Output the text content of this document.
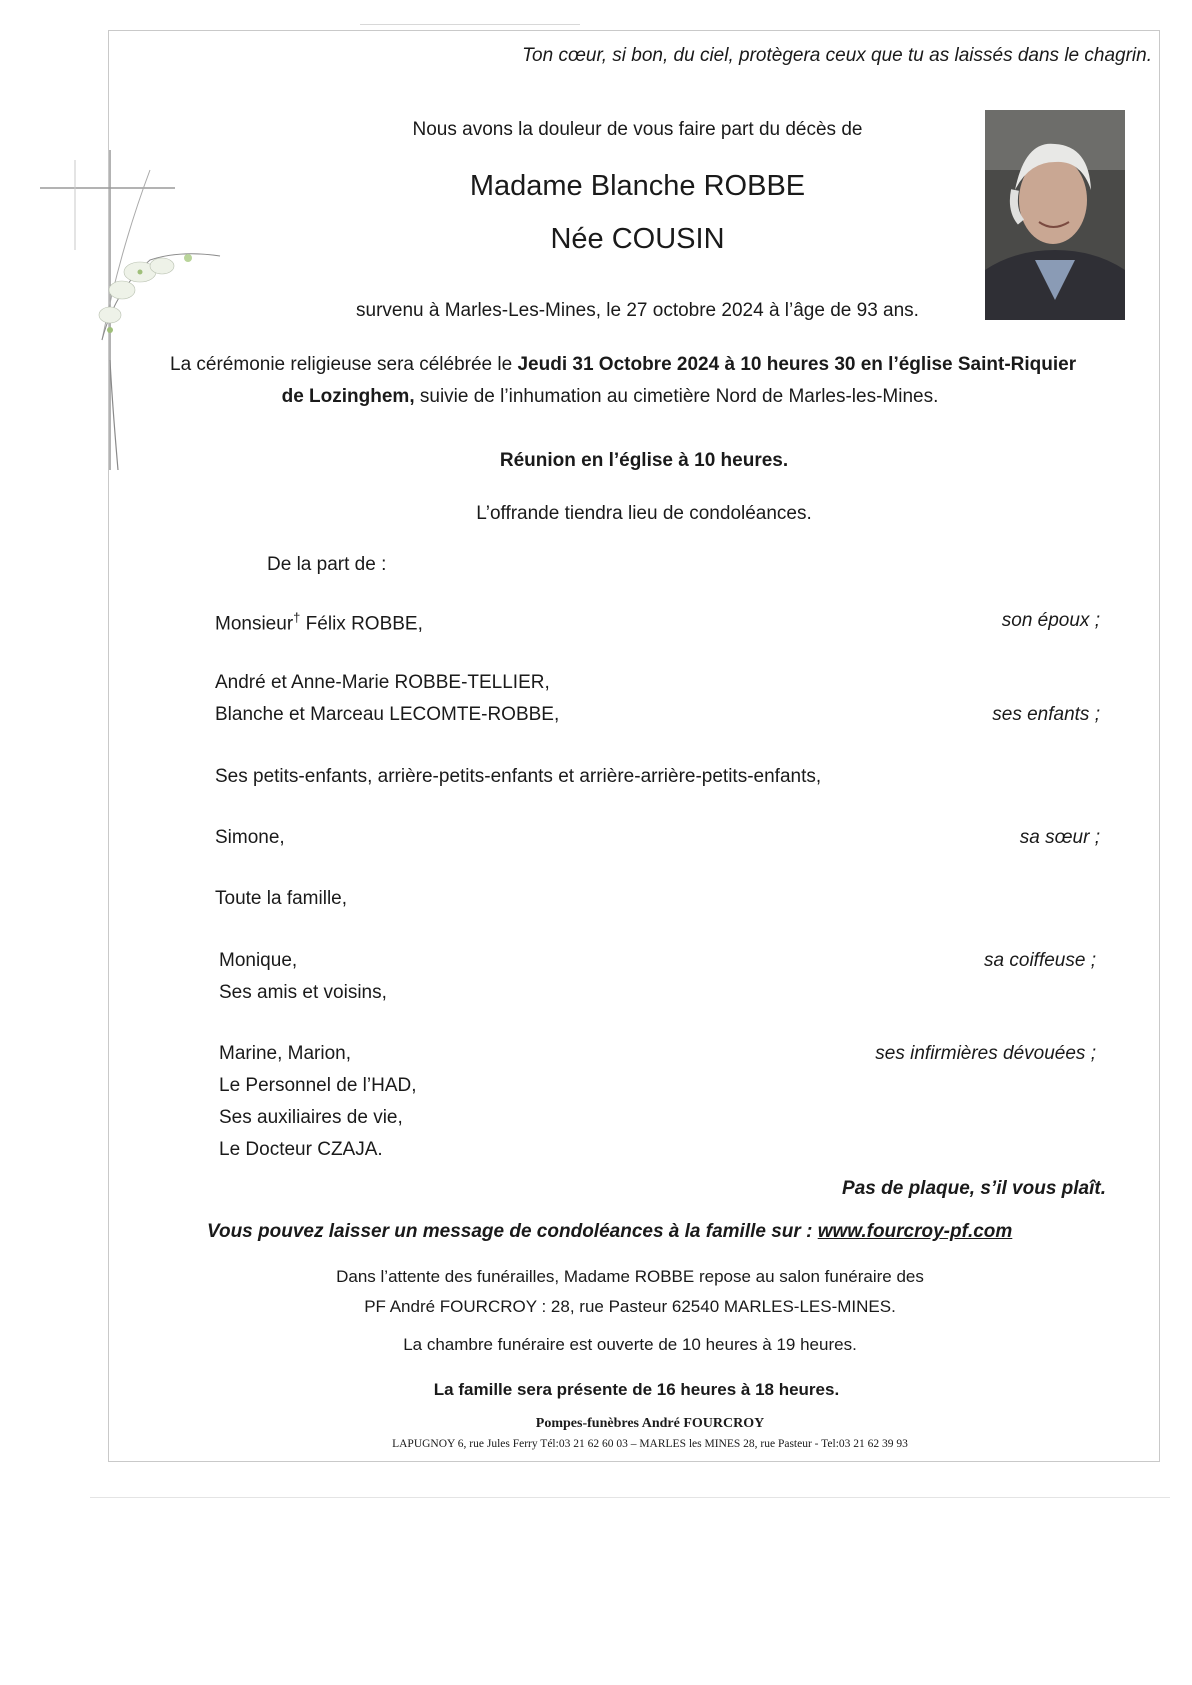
Ton cœur, si bon, du ciel, protègera ceux que tu as laissés dans le chagrin.
Nous avons la douleur de vous faire part du décès de
Madame Blanche ROBBE
Née COUSIN
survenu à Marles-Les-Mines, le 27 octobre 2024 à l’âge de 93 ans.
La cérémonie religieuse sera célébrée le Jeudi 31 Octobre 2024 à 10 heures 30 en l’église Saint-Riquier
de Lozinghem, suivie de l’inhumation au cimetière Nord de Marles-les-Mines.
Réunion en l’église à 10 heures.
L’offrande tiendra lieu de condoléances.
De la part de :
Monsieur† Félix ROBBE,	son époux ;
André et Anne-Marie ROBBE-TELLIER,
Blanche et Marceau LECOMTE-ROBBE,	ses enfants ;
Ses petits-enfants, arrière-petits-enfants et arrière-arrière-petits-enfants,
Simone,	sa sœur ;
Toute la famille,
Monique,	sa coiffeuse ;
Ses amis et voisins,
Marine, Marion,	ses infirmières dévouées ;
Le Personnel de l’HAD,
Ses auxiliaires de vie,
Le Docteur CZAJA.
Pas de plaque, s’il vous plaît.
Vous pouvez laisser un message de condoléances à la famille sur : www.fourcroy-pf.com
Dans l’attente des funérailles, Madame ROBBE repose au salon funéraire des
PF André FOURCROY : 28, rue Pasteur 62540 MARLES-LES-MINES.
La chambre funéraire est ouverte de 10 heures à 19 heures.
La famille sera présente de 16 heures à 18 heures.
Pompes-funèbres André FOURCROY
LAPUGNOY 6, rue Jules Ferry Tél:03 21 62 60 03 – MARLES les MINES 28, rue Pasteur - Tel:03 21 62 39 93
